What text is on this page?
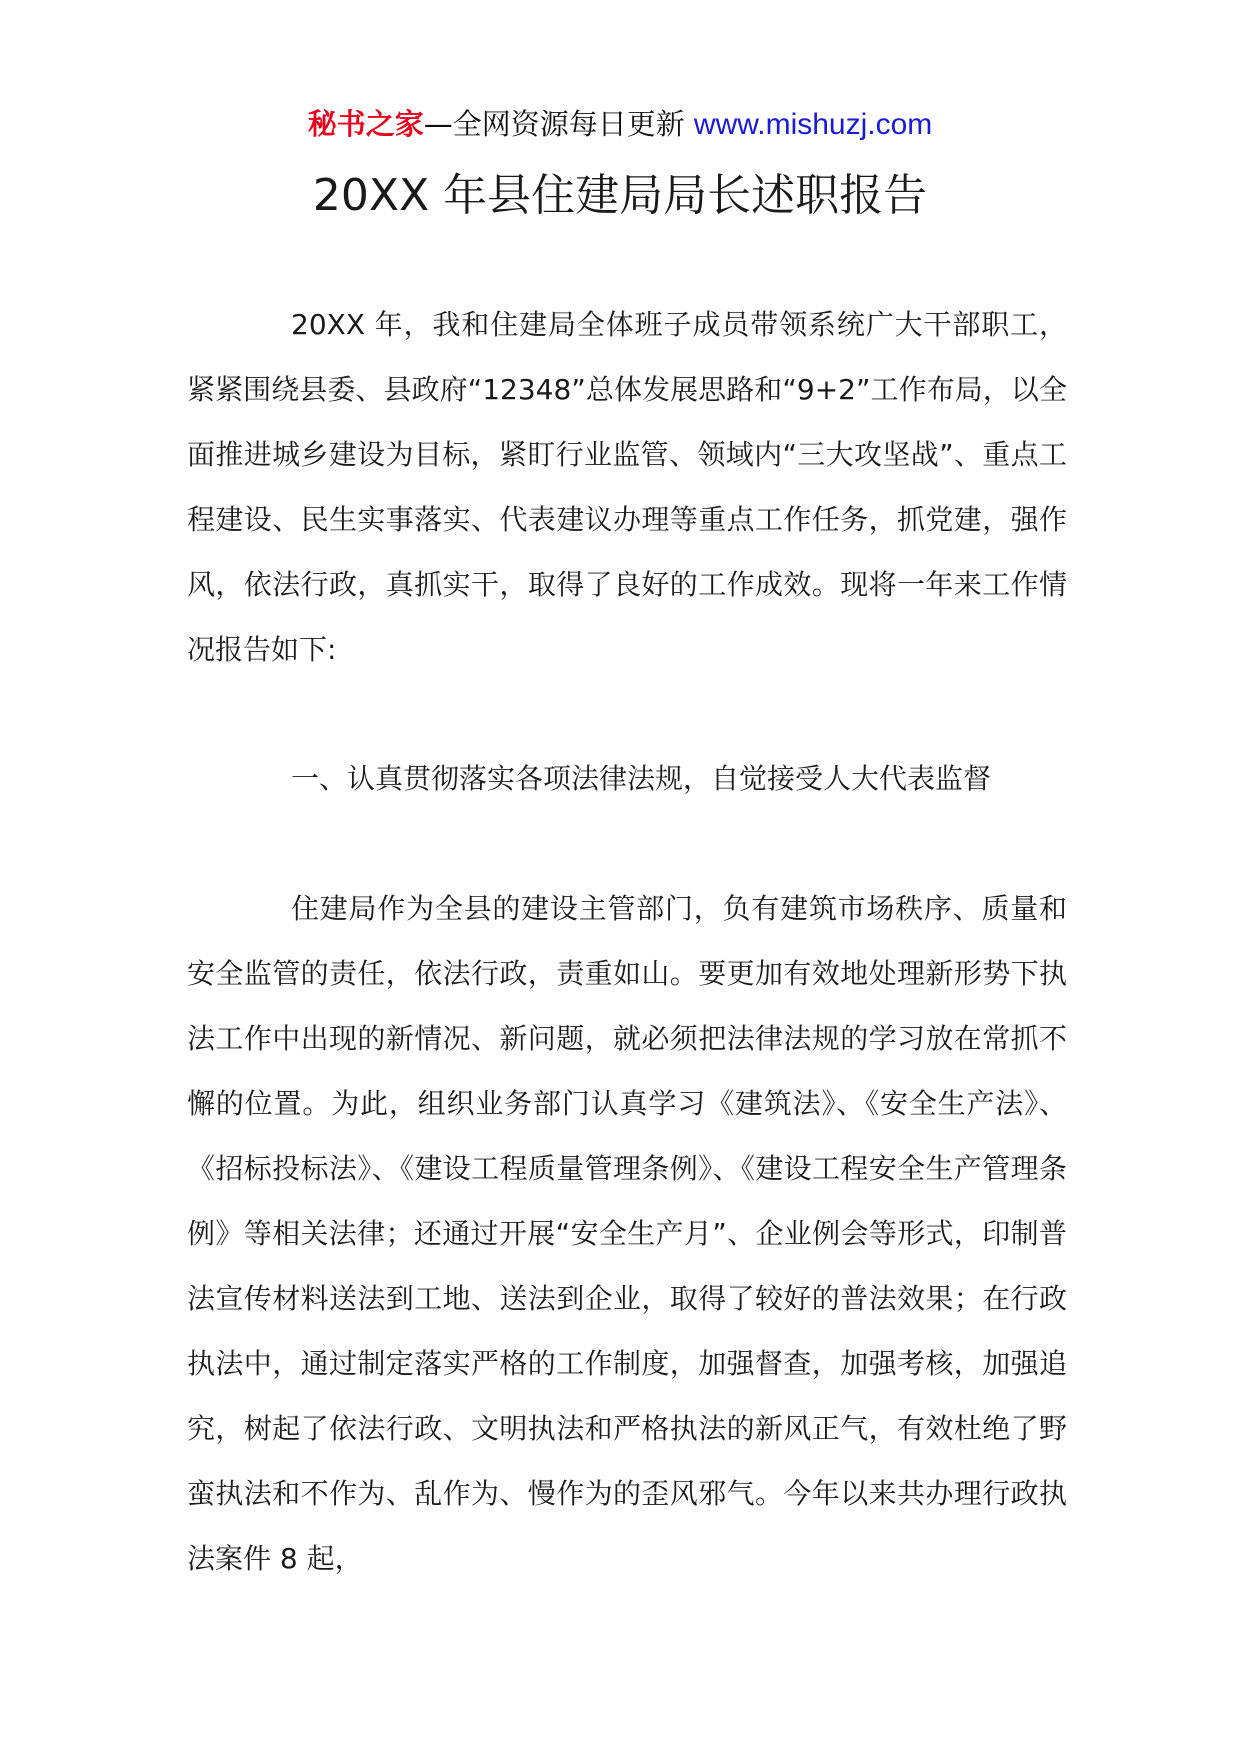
秘书之家—全网资源每日更新 www.mishuzj.com
20XX 年县住建局局长述职报告

20XX 年，我和住建局全体班子成员带领系统广大干部职工，紧紧围绕县委、县政府“12348”总体发展思路和“9+2”工作布局，以全面推进城乡建设为目标，紧盯行业监管、领域内“三大攻坚战”、重点工程建设、民生实事落实、代表建议办理等重点工作任务，抓党建，强作风，依法行政，真抓实干，取得了良好的工作成效。现将一年来工作情况报告如下:

一、认真贯彻落实各项法律法规，自觉接受人大代表监督

住建局作为全县的建设主管部门，负有建筑市场秩序、质量和安全监管的责任，依法行政，责重如山。要更加有效地处理新形势下执法工作中出现的新情况、新问题，就必须把法律法规的学习放在常抓不懈的位置。为此，组织业务部门认真学习《建筑法》、《安全生产法》、《招标投标法》、《建设工程质量管理条例》、《建设工程安全生产管理条例》等相关法律；还通过开展“安全生产月”、企业例会等形式，印制普法宣传材料送法到工地、送法到企业，取得了较好的普法效果；在行政执法中，通过制定落实严格的工作制度，加强督查，加强考核，加强追究，树起了依法行政、文明执法和严格执法的新风正气，有效杜绝了野蛮执法和不作为、乱作为、慢作为的歪风邪气。今年以来共办理行政执法案件 8 起，
